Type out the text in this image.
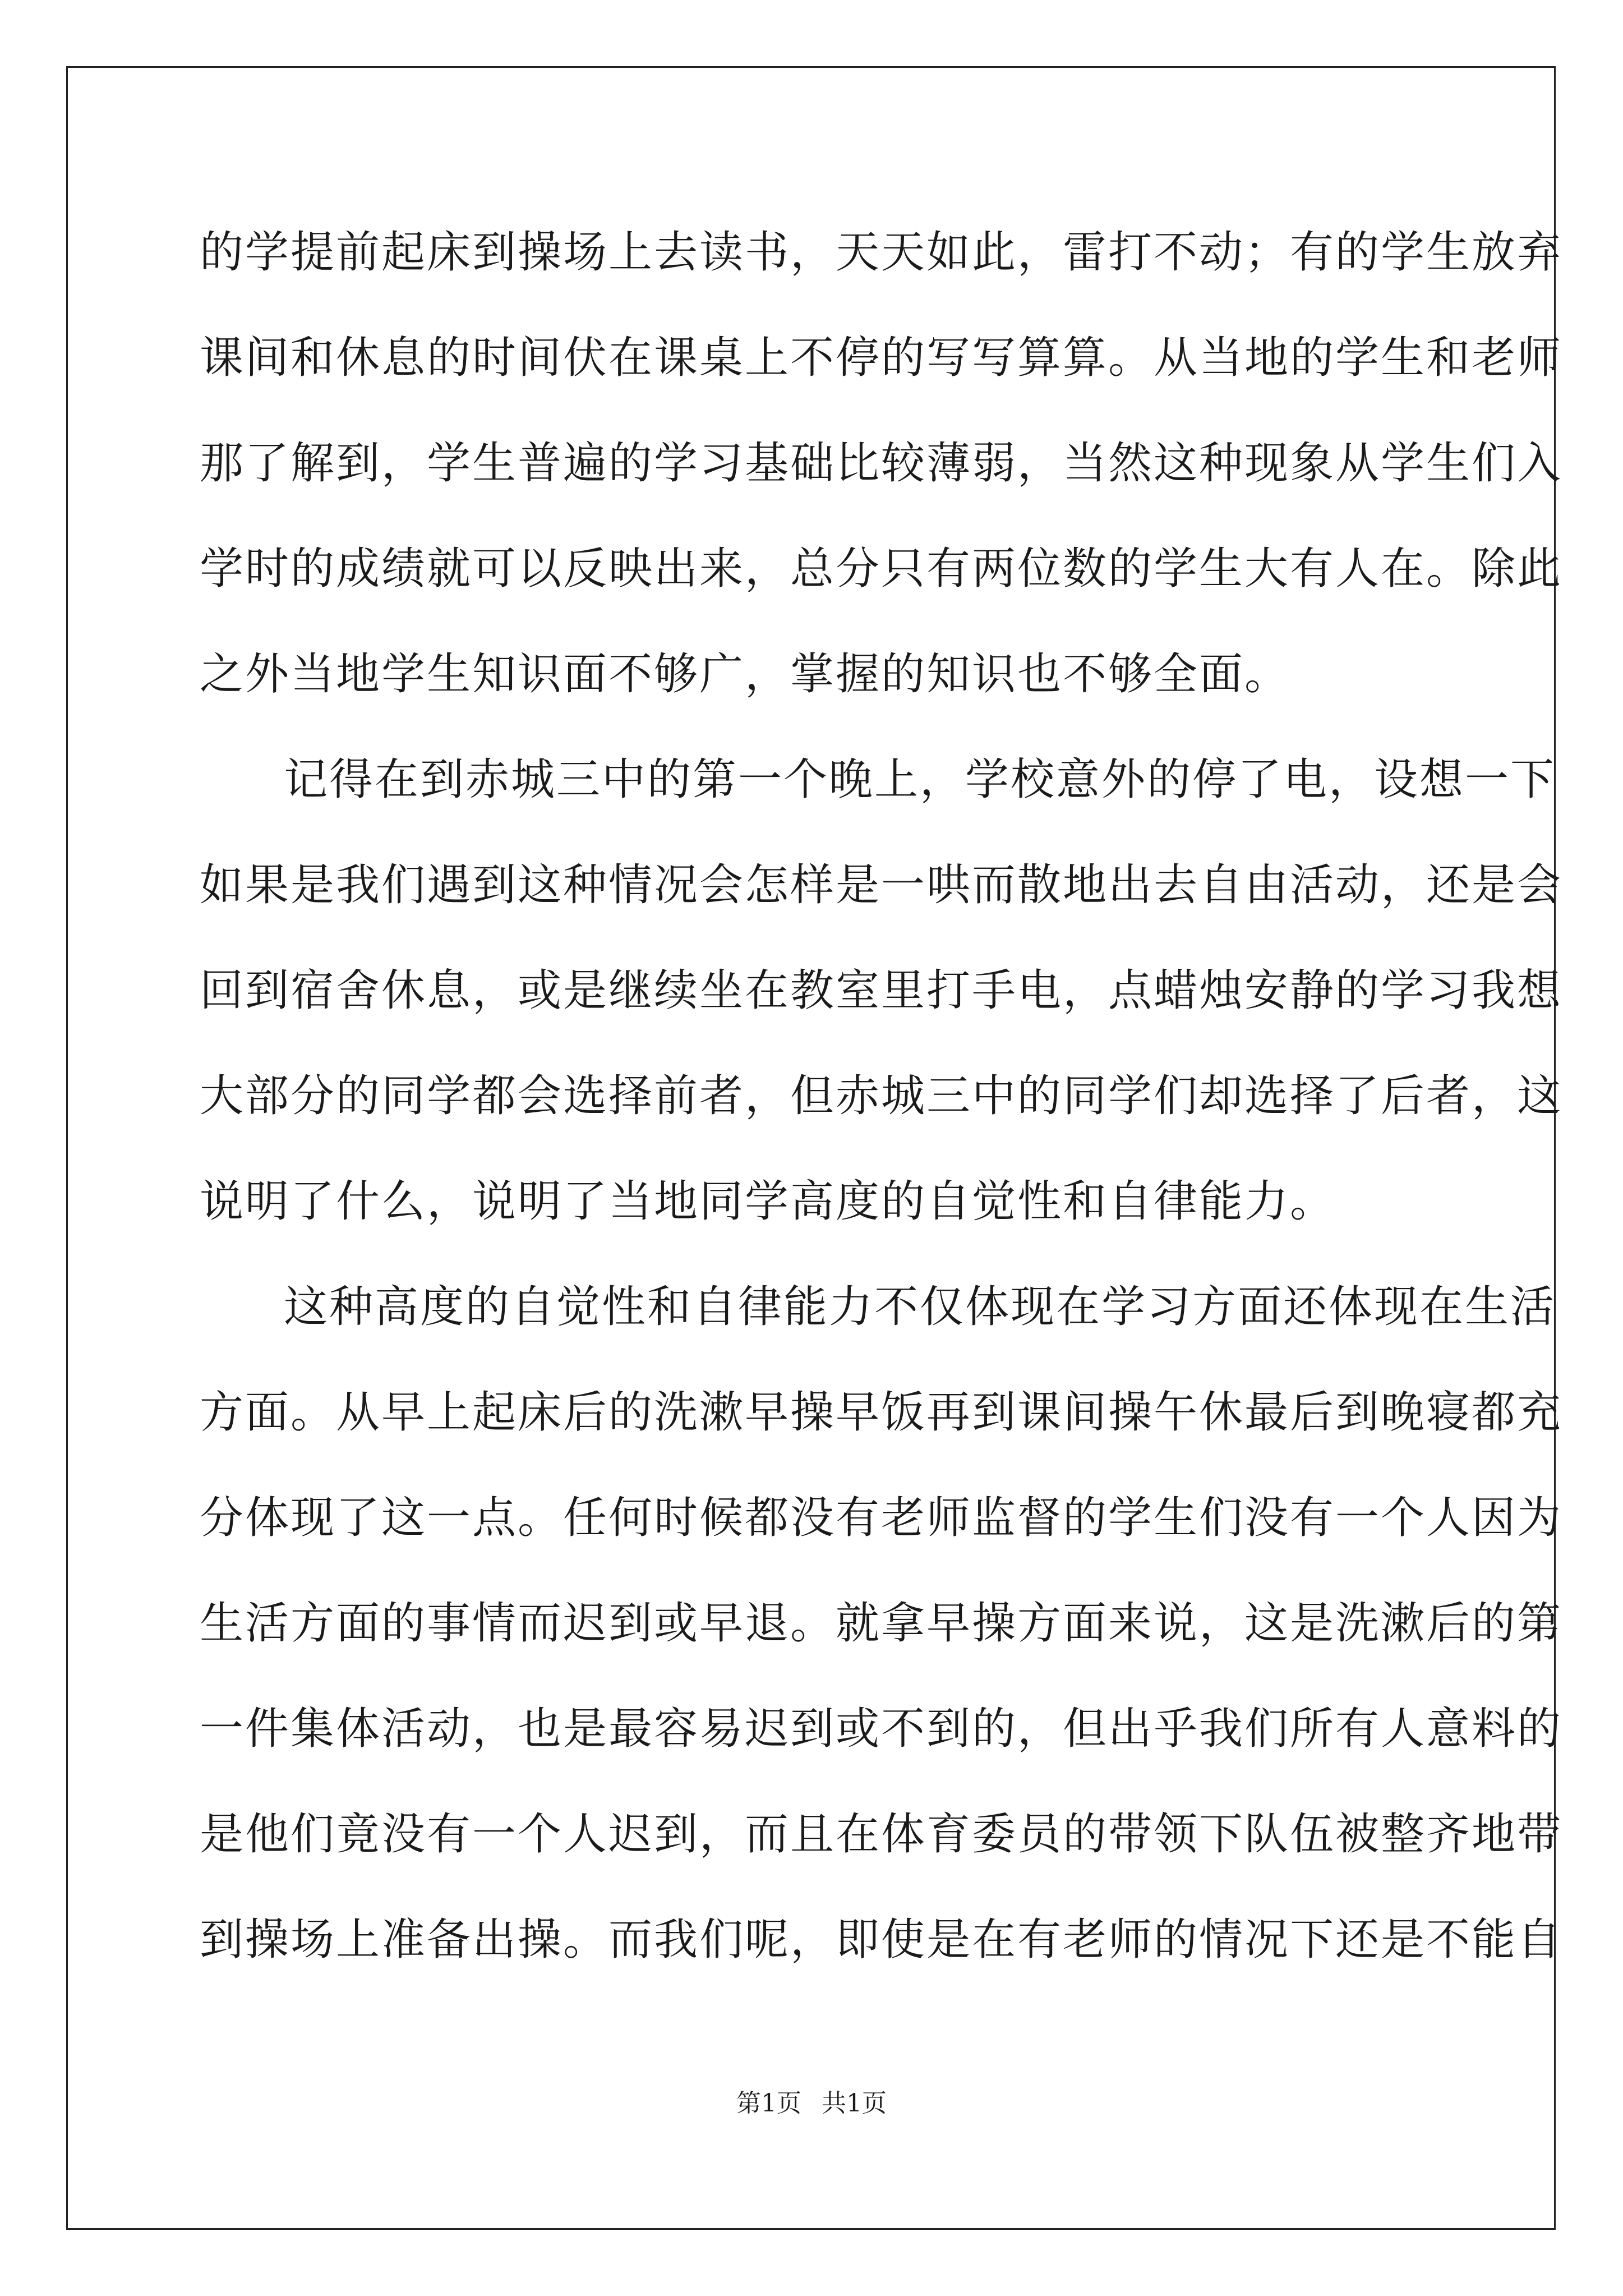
的学提前起床到操场上去读书，天天如此，雷打不动；有的学生放弃
课间和休息的时间伏在课桌上不停的写写算算。从当地的学生和老师
那了解到，学生普遍的学习基础比较薄弱，当然这种现象从学生们入
学时的成绩就可以反映出来，总分只有两位数的学生大有人在。除此
之外当地学生知识面不够广，掌握的知识也不够全面。
记得在到赤城三中的第一个晚上，学校意外的停了电，设想一下
如果是我们遇到这种情况会怎样是一哄而散地出去自由活动，还是会
回到宿舍休息，或是继续坐在教室里打手电，点蜡烛安静的学习我想
大部分的同学都会选择前者，但赤城三中的同学们却选择了后者，这
说明了什么，说明了当地同学高度的自觉性和自律能力。
这种高度的自觉性和自律能力不仅体现在学习方面还体现在生活
方面。从早上起床后的洗漱早操早饭再到课间操午休最后到晚寝都充
分体现了这一点。任何时候都没有老师监督的学生们没有一个人因为
生活方面的事情而迟到或早退。就拿早操方面来说，这是洗漱后的第
一件集体活动，也是最容易迟到或不到的，但出乎我们所有人意料的
是他们竟没有一个人迟到，而且在体育委员的带领下队伍被整齐地带
到操场上准备出操。而我们呢，即使是在有老师的情况下还是不能自
第1页 共1页
